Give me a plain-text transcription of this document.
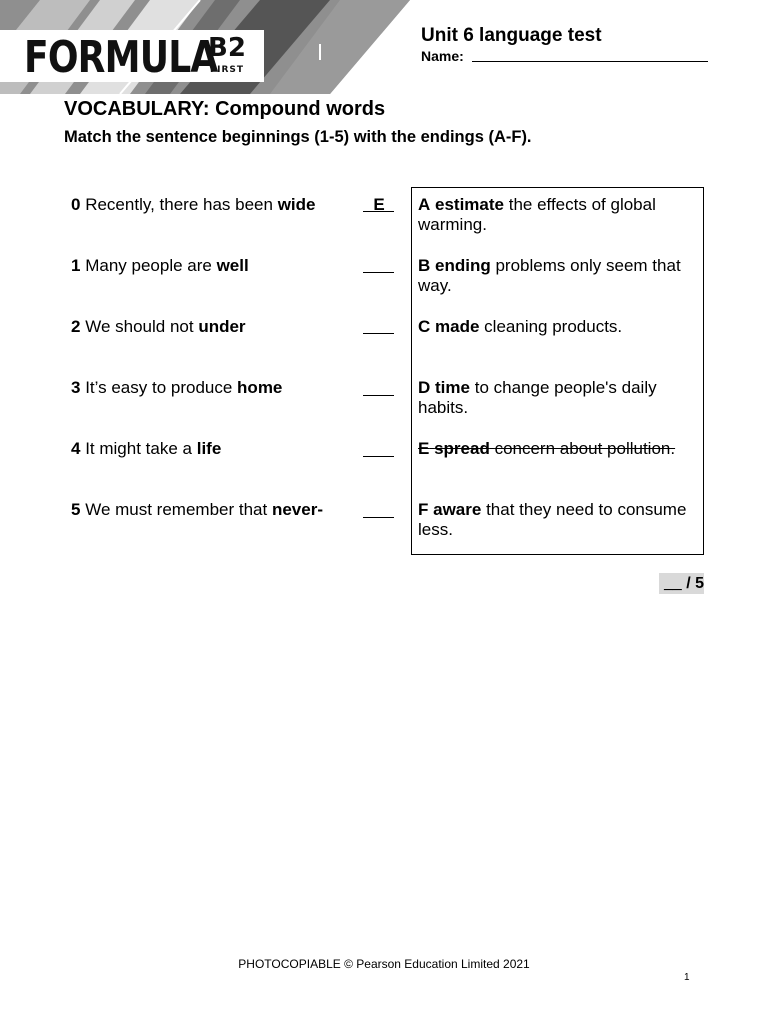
FORMULA
B2
FIRST
Unit 6 language test
Name:
VOCABULARY: Compound words
Match the sentence beginnings (1-5) with the endings (A-F).
0 Recently, there has been wide	E
1 Many people are well
2 We should not under
3 It’s easy to produce home
4 It might take a life
5 We must remember that never-
A estimate the effects of global warming.
B ending problems only seem that way.
C made cleaning products.
D time to change people's daily habits.
E spread concern about pollution.
F aware that they need to consume less.
__ / 5
PHOTOCOPIABLE © Pearson Education Limited 2021
1
